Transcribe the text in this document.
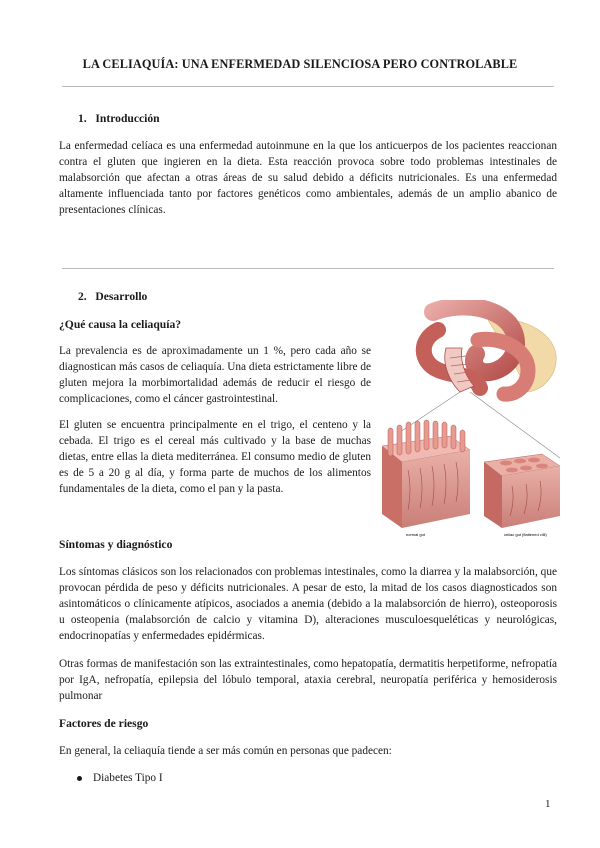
LA CELIAQUÍA: UNA ENFERMEDAD SILENCIOSA PERO CONTROLABLE
1. Introducción
La enfermedad celíaca es una enfermedad autoinmune en la que los anticuerpos de los pacientes reaccionan contra el gluten que ingieren en la dieta. Esta reacción provoca sobre todo problemas intestinales de malabsorción que afectan a otras áreas de su salud debido a déficits nutricionales. Es una enfermedad altamente influenciada tanto por factores genéticos como ambientales, además de un amplio abanico de presentaciones clínicas.
2. Desarrollo
¿Qué causa la celiaquía?
La prevalencia es de aproximadamente un 1 %, pero cada año se diagnostican más casos de celiaquía. Una dieta estrictamente libre de gluten mejora la morbimortalidad además de reducir el riesgo de complicaciones, como el cáncer gastrointestinal.
El gluten se encuentra principalmente en el trigo, el centeno y la cebada. El trigo es el cereal más cultivado y la base de muchas dietas, entre ellas la dieta mediterránea. El consumo medio de gluten es de 5 a 20 g al día, y forma parte de muchos de los alimentos fundamentales de la dieta, como el pan y la pasta.
normal gut	celiac gut (flattened villi)
Síntomas y diagnóstico
Los síntomas clásicos son los relacionados con problemas intestinales, como la diarrea y la malabsorción, que provocan pérdida de peso y déficits nutricionales. A pesar de esto, la mitad de los casos diagnosticados son asintomáticos o clínicamente atípicos, asociados a anemia (debido a la malabsorción de hierro), osteoporosis u osteopenia (malabsorción de calcio y vitamina D), alteraciones musculoesqueléticas y neurológicas, endocrinopatías y enfermedades epidérmicas.
Otras formas de manifestación son las extraintestinales, como hepatopatía, dermatitis herpetiforme, nefropatía por IgA, nefropatía, epilepsia del lóbulo temporal, ataxia cerebral, neuropatía periférica y hemosiderosis pulmonar
Factores de riesgo
En general, la celiaquía tiende a ser más común en personas que padecen:
Diabetes Tipo I
1
